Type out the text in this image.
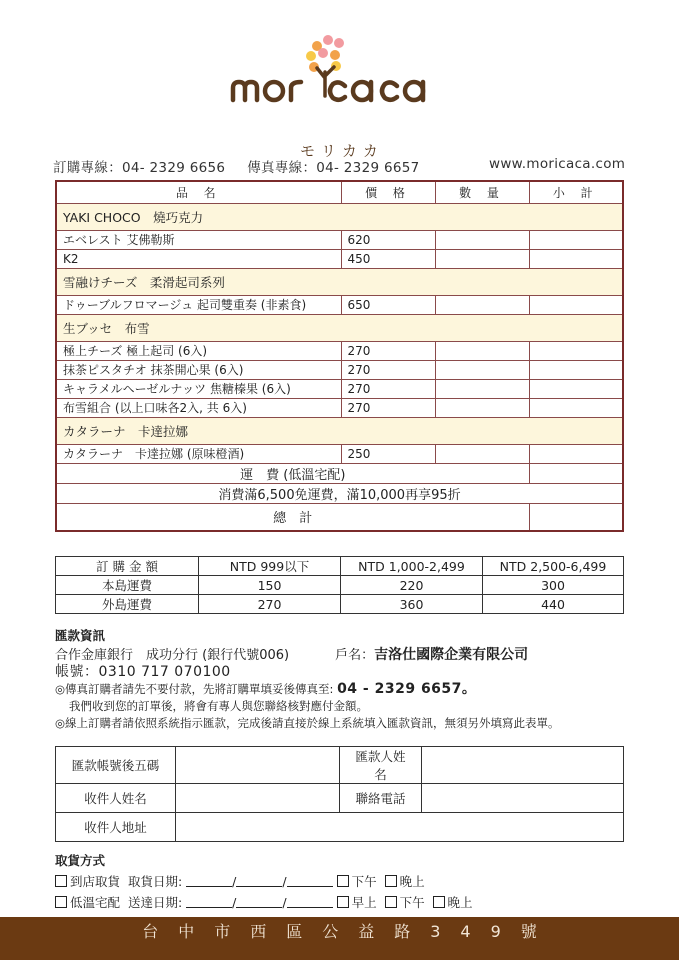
モリカカ
訂購專線：04- 2329 6656 傳真專線：04- 2329 6657	www.moricaca.com
品 名	價 格	數 量	小 計
YAKI CHOCO　燒巧克力			
エベレスト 艾佛勒斯	620		
K2	450		
雪融けチーズ　柔滑起司系列			
ドゥーブルフロマージュ 起司雙重奏 (非素食)	650		
生ブッセ　布雪			
極上チーズ 極上起司 (6入)	270		
抹茶ピスタチオ 抹茶開心果 (6入)	270		
キャラメルヘーゼルナッツ 焦糖榛果 (6入)	270		
布雪組合 (以上口味各2入, 共 6入)	270		
カタラーナ　卡達拉娜			
カタラーナ　卡達拉娜 (原味橙酒)	250		
運　費 (低溫宅配)			
消費滿6,500免運費，滿10,000再享95折			
總　計			
訂 購 金 額	NTD 999以下	NTD 1,000-2,499	NTD 2,500-6,499
本島運費	150	220	300
外島運費	270	360	440
匯款資訊
合作金庫銀行　成功分行 (銀行代號006)	戶名： 吉洛仕國際企業有限公司
帳號：0310 717 070100
◎傳真訂購者請先不要付款，先將訂購單填妥後傳真至: 04 - 2329 6657。
我們收到您的訂單後，將會有專人與您聯絡核對應付金額。
◎線上訂購者請依照系統指示匯款，完成後請直接於線上系統填入匯款資訊，無須另外填寫此表單。
匯款帳號後五碼		匯款人姓名	
收件人姓名		聯絡電話	
收件人地址			
取貨方式
到店取貨 取貨日期:	/	/	下午 晚上
低溫宅配 送達日期:	/	/	早上 下午 晚上
台中市西區公益路349號
